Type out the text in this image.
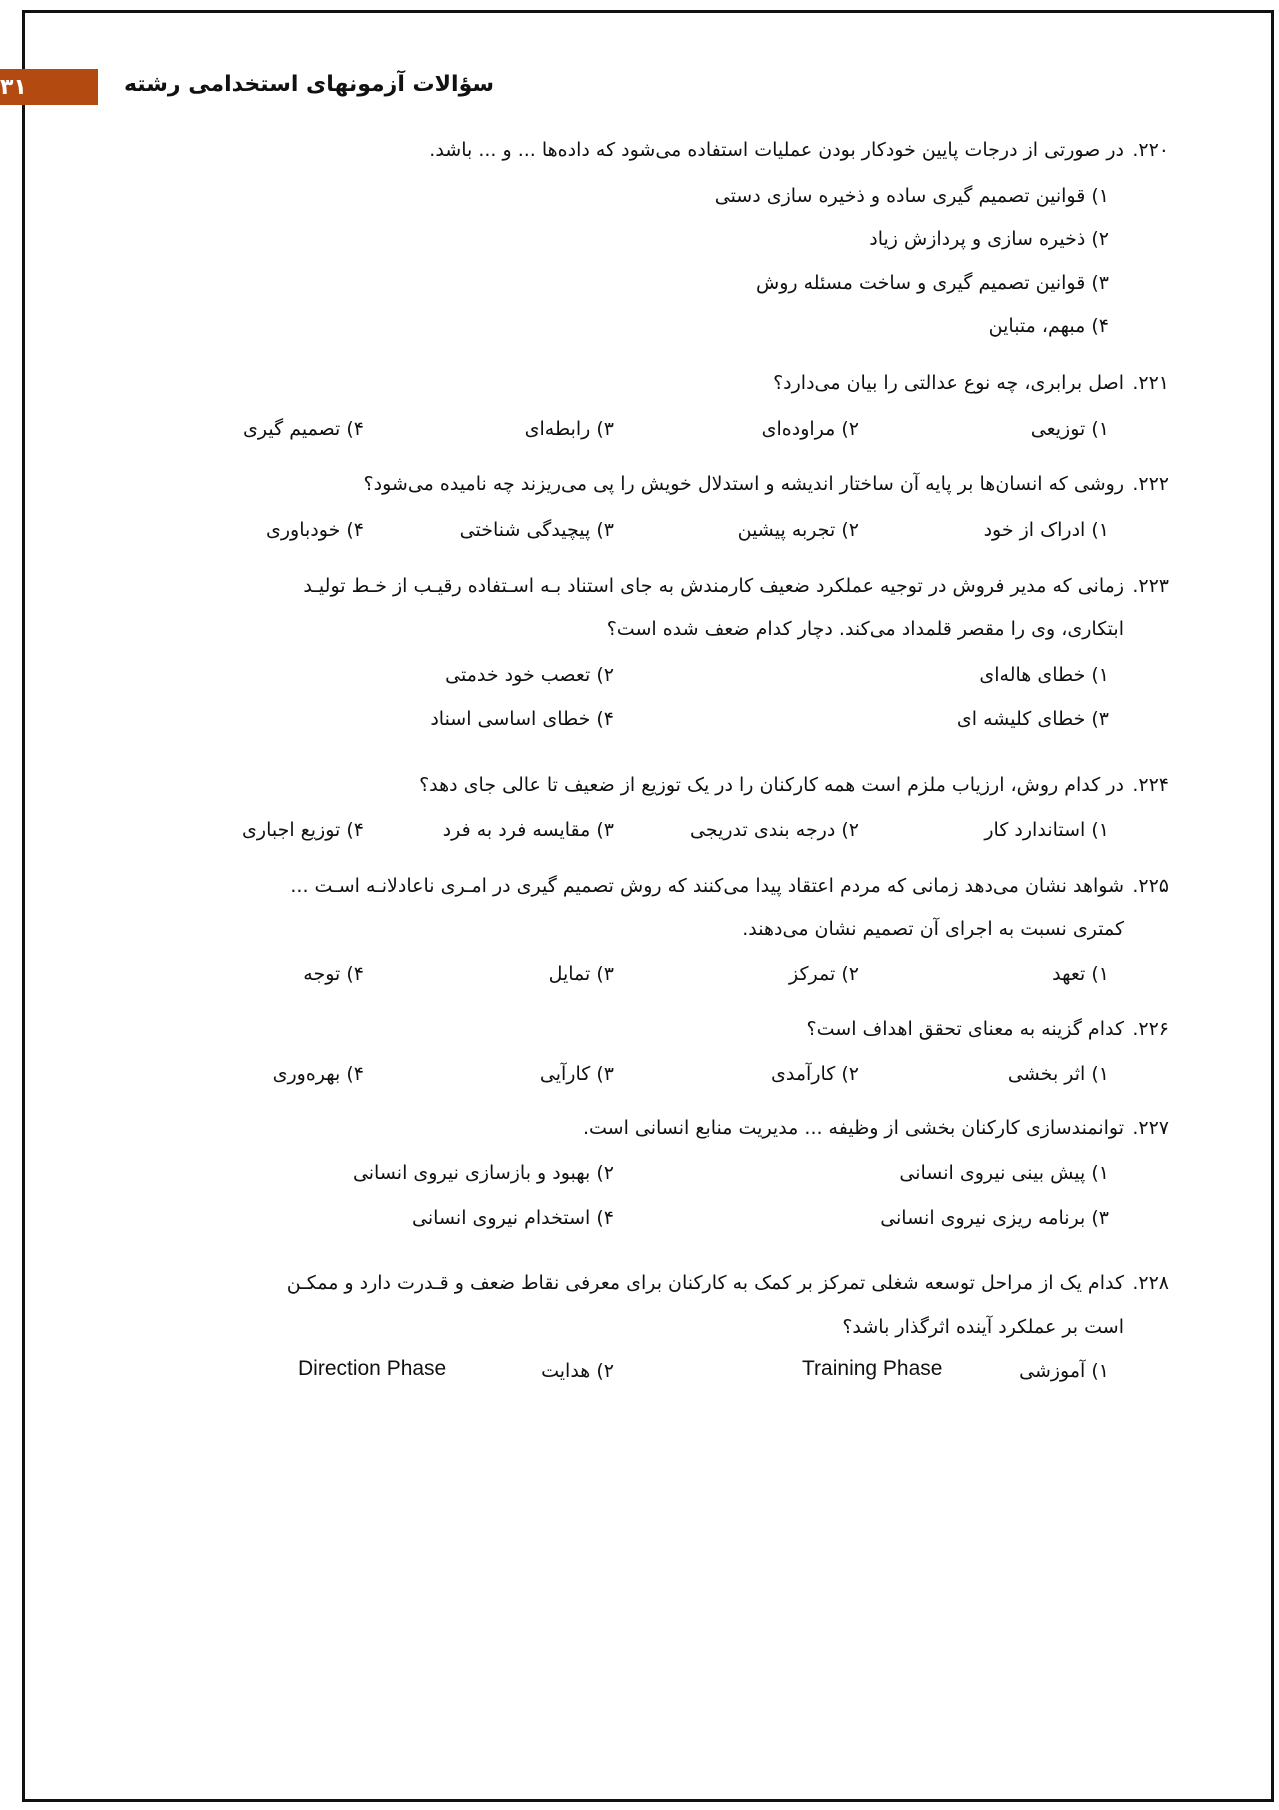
۳۱	سؤالات آزمونهای استخدامی رشته
۲۲۰.
در صورتی از درجات پایین خودکار بودن عملیات استفاده می‌شود که داده‌ها ... و ... باشد.
۱) قوانین تصمیم گیری ساده و ذخیره سازی دستی
۲) ذخیره سازی و پردازش زیاد
۳) قوانین تصمیم گیری و ساخت مسئله روش
۴) مبهم، متباین
۲۲۱.
اصل برابری، چه نوع عدالتی را بیان می‌دارد؟
۱) توزیعی
۲) مراوده‌ای
۳) رابطه‌ای
۴) تصمیم گیری
۲۲۲.
روشی که انسان‌ها بر پایه آن ساختار اندیشه و استدلال خویش را پی می‌ریزند چه نامیده می‌شود؟
۱) ادراک از خود
۲) تجربه پیشین
۳) پیچیدگی شناختی
۴) خودباوری
۲۲۳.
زمانی که مدیر فروش در توجیه عملکرد ضعیف کارمندش به جای استناد بـه اسـتفاده رقیـب از خـط تولیـد
ابتکاری، وی را مقصر قلمداد می‌کند. دچار کدام ضعف شده است؟
۱) خطای هاله‌ای
۲) تعصب خود خدمتی
۳) خطای کلیشه ای
۴) خطای اساسی اسناد
۲۲۴.
در کدام روش، ارزیاب ملزم است همه کارکنان را در یک توزیع از ضعیف تا عالی جای دهد؟
۱) استاندارد کار
۲) درجه بندی تدریجی
۳) مقایسه فرد به فرد
۴) توزیع اجباری
۲۲۵.
شواهد نشان می‌دهد زمانی که مردم اعتقاد پیدا می‌کنند که روش تصمیم گیری در امـری ناعادلانـه اسـت ...
کمتری نسبت به اجرای آن تصمیم نشان می‌دهند.
۱) تعهد
۲) تمرکز
۳) تمایل
۴) توجه
۲۲۶.
کدام گزینه به معنای تحقق اهداف است؟
۱) اثر بخشی
۲) کارآمدی
۳) کارآیی
۴) بهره‌وری
۲۲۷.
توانمندسازی کارکنان بخشی از وظیفه ... مدیریت منابع انسانی است.
۱) پیش بینی نیروی انسانی
۲) بهبود و بازسازی نیروی انسانی
۳) برنامه ریزی نیروی انسانی
۴) استخدام نیروی انسانی
۲۲۸.
کدام یک از مراحل توسعه شغلی تمرکز بر کمک به کارکنان برای معرفی نقاط ضعف و قـدرت دارد و ممکـن
است بر عملکرد آینده اثرگذار باشد؟
۱) آموزشی
Training Phase
۲) هدایت
Direction Phase
